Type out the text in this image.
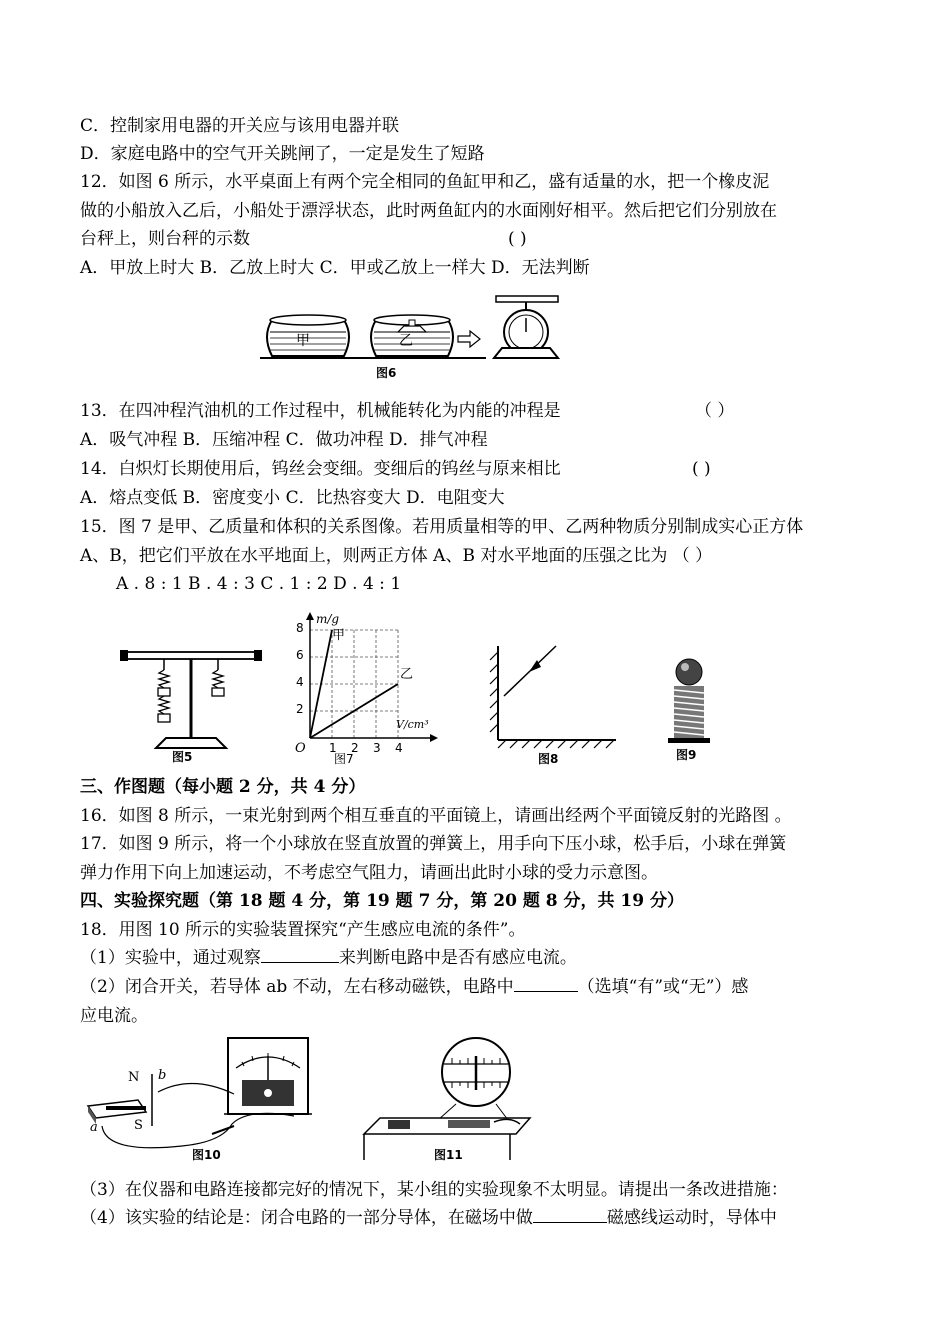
C．控制家用电器的开关应与该用电器并联
D．家庭电路中的空气开关跳闸了，一定是发生了短路
12．如图 6 所示，水平桌面上有两个完全相同的鱼缸甲和乙，盛有适量的水，把一个橡皮泥
做的小船放入乙后，小船处于漂浮状态，此时两鱼缸内的水面刚好相平。然后把它们分别放在
台秤上，则台秤的示数	( )
A．甲放上时大 B．乙放上时大 C．甲或乙放上一样大 D．无法判断
甲	乙
图6
13．在四冲程汽油机的工作过程中，机械能转化为内能的冲程是	（ ）
A．吸气冲程 B．压缩冲程 C．做功冲程 D．排气冲程
14．白炽灯长期使用后，钨丝会变细。变细后的钨丝与原来相比	( )
A．熔点变低 B．密度变小 C．比热容变大 D．电阻变大
15．图 7 是甲、乙质量和体积的关系图像。若用质量相等的甲、乙两种物质分别制成实心正方体
A、B，把它们平放在水平地面上，则两正方体 A、B 对水平地面的压强之比为 （ ）
A . 8 : 1 B . 4 : 3 C . 1 : 2 D . 4 : 1
图5
m/g
V/cm³
O
8
6
4
2
1 2 3 4
甲
乙
图7	图8	图9
三、作图题（每小题 2 分，共 4 分）
16．如图 8 所示，一束光射到两个相互垂直的平面镜上，请画出经两个平面镜反射的光路图 。
17．如图 9 所示，将一个小球放在竖直放置的弹簧上，用手向下压小球，松手后，小球在弹簧
弹力作用下向上加速运动，不考虑空气阻力，请画出此时小球的受力示意图。
四、实验探究题（第 18 题 4 分，第 19 题 7 分，第 20 题 8 分，共 19 分）
18．用图 10 所示的实验装置探究“产生感应电流的条件”。
（1）实验中，通过观察	来判断电路中是否有感应电流。
（2）闭合开关，若导体 ab 不动，左右移动磁铁，电路中	（选填“有”或“无”）感
应电流。
N
S
a
b
图10	图11
（3）在仪器和电路连接都完好的情况下，某小组的实验现象不太明显。请提出一条改进措施：
（4）该实验的结论是：闭合电路的一部分导体，在磁场中做	磁感线运动时，导体中
